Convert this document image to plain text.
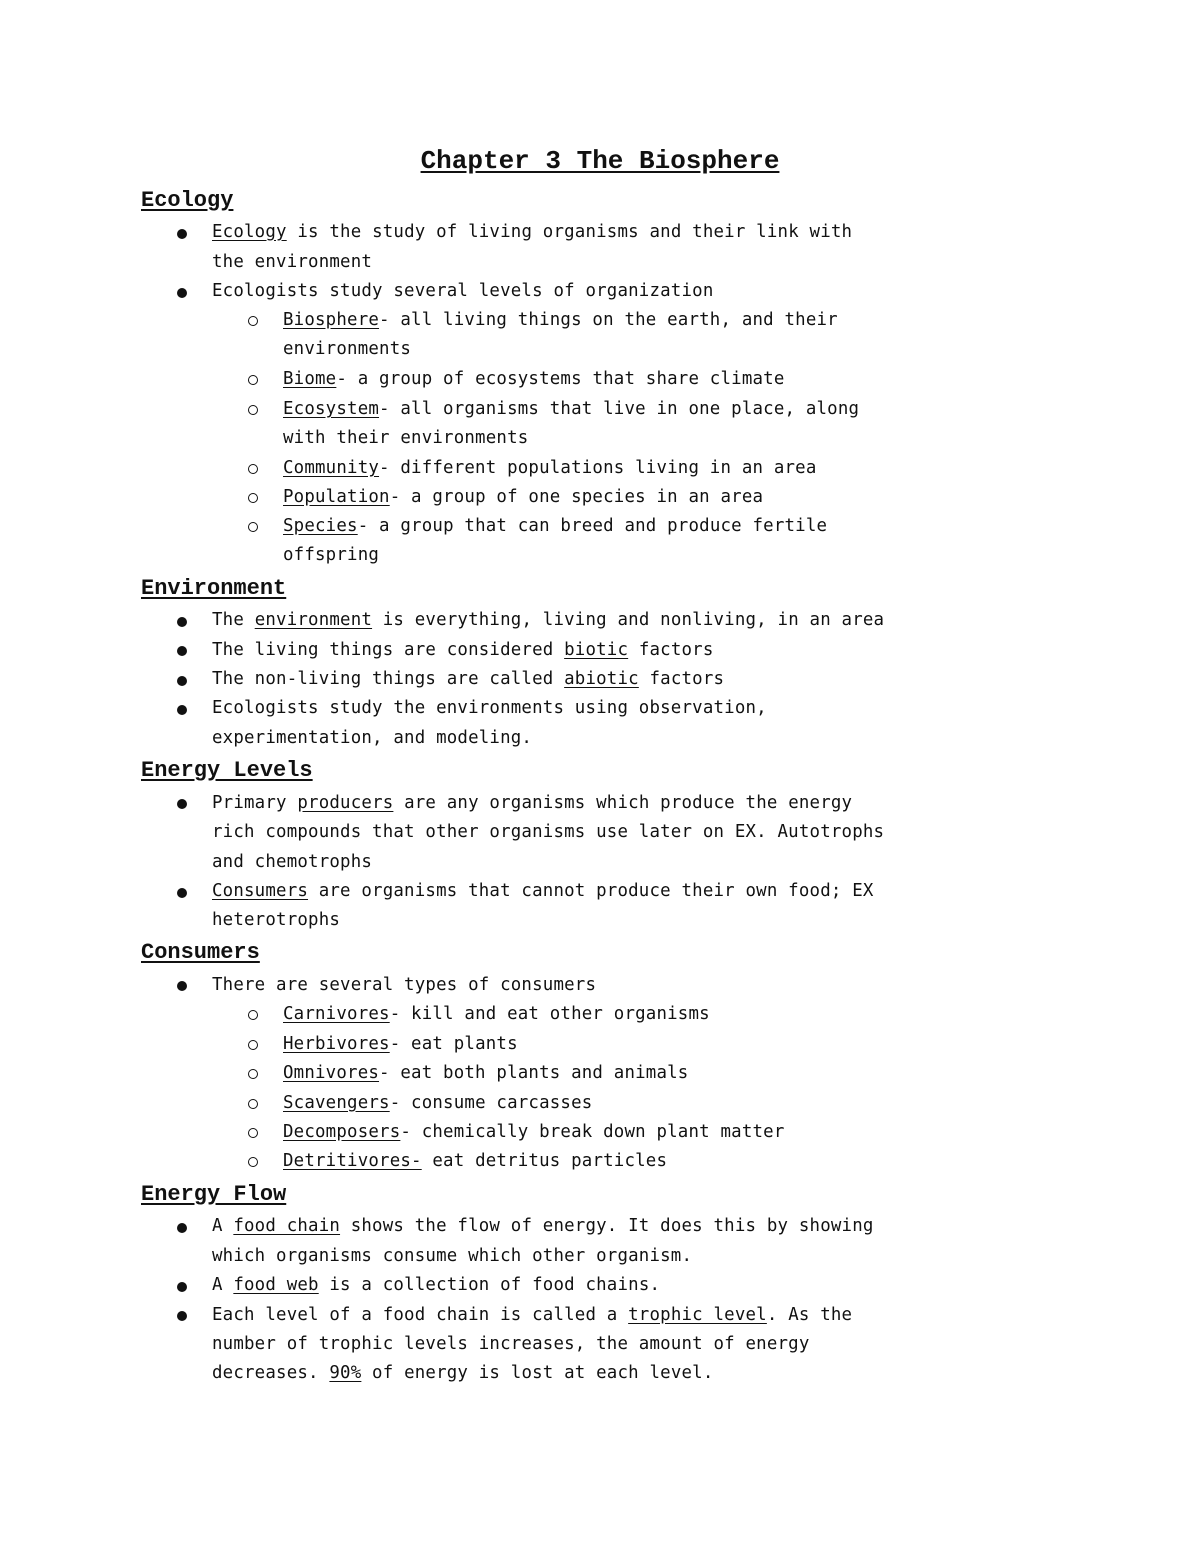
Chapter 3 The Biosphere
Ecology
Ecology is the study of living organisms and their link with
the environment
Ecologists study several levels of organization
Biosphere- all living things on the earth, and their
environments
Biome- a group of ecosystems that share climate
Ecosystem- all organisms that live in one place, along
with their environments
Community- different populations living in an area
Population- a group of one species in an area
Species- a group that can breed and produce fertile
offspring
Environment
The environment is everything, living and nonliving, in an area
The living things are considered biotic factors
The non-living things are called abiotic factors
Ecologists study the environments using observation,
experimentation, and modeling.
Energy Levels
Primary producers are any organisms which produce the energy
rich compounds that other organisms use later on EX. Autotrophs
and chemotrophs
Consumers are organisms that cannot produce their own food; EX
heterotrophs
Consumers
There are several types of consumers
Carnivores- kill and eat other organisms
Herbivores- eat plants
Omnivores- eat both plants and animals
Scavengers- consume carcasses
Decomposers- chemically break down plant matter
Detritivores- eat detritus particles
Energy Flow
A food chain shows the flow of energy. It does this by showing
which organisms consume which other organism.
A food web is a collection of food chains.
Each level of a food chain is called a trophic level. As the
number of trophic levels increases, the amount of energy
decreases. 90% of energy is lost at each level.
